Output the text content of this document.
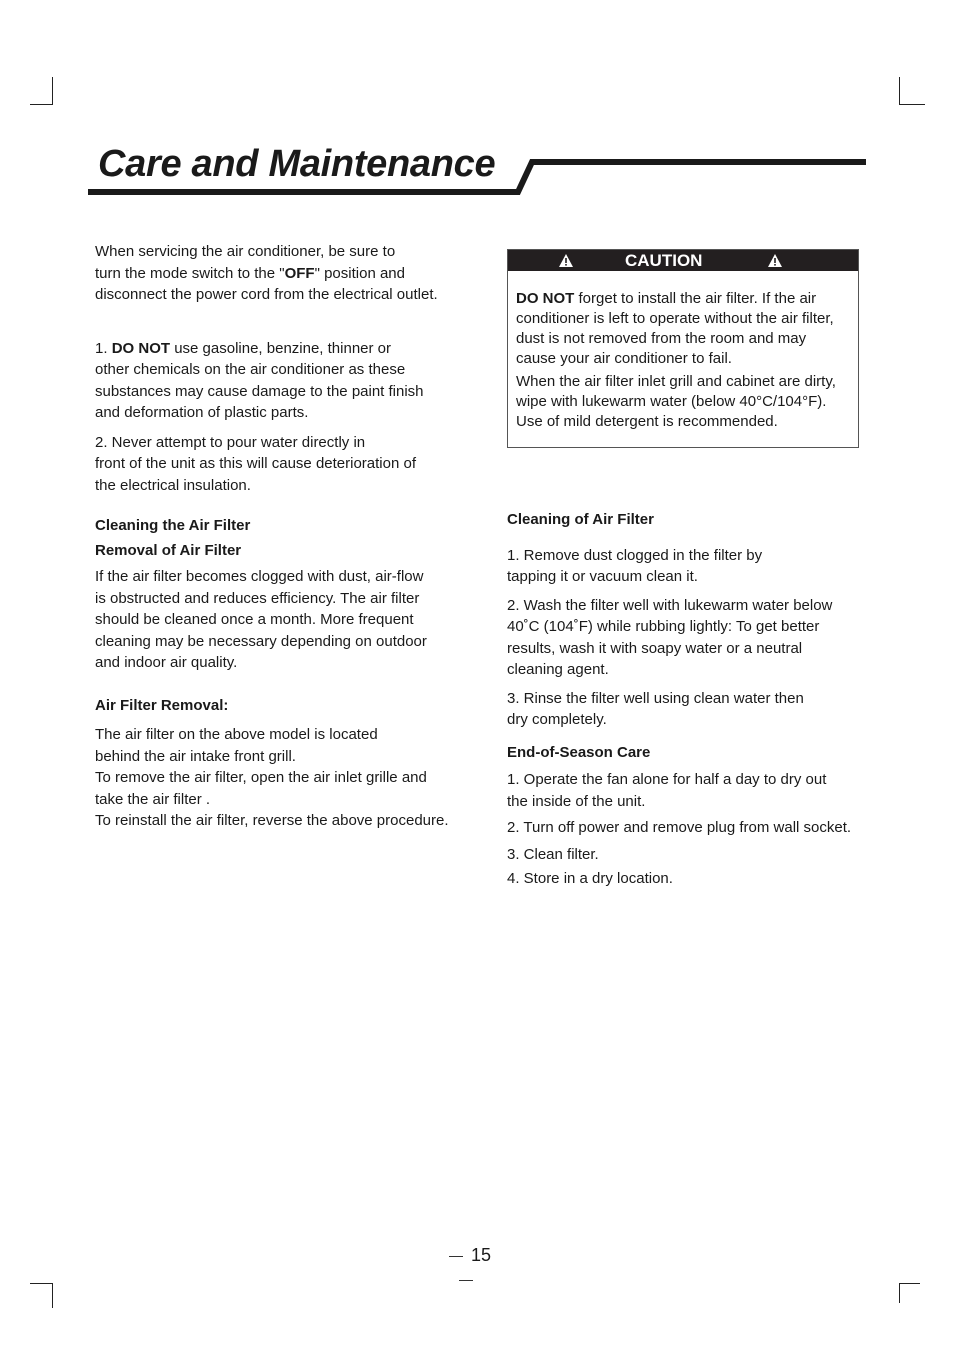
Care and Maintenance

When servicing the air conditioner, be sure to
turn the mode switch to the "OFF" position and
disconnect the power cord from the electrical outlet.

1. DO NOT use gasoline, benzine, thinner or
other chemicals on the air conditioner as these
substances may cause damage to the paint finish
and deformation of plastic parts.

2. Never attempt to pour water directly in
front of the unit as this will cause deterioration of
the electrical insulation.

Cleaning the Air Filter

Removal of Air Filter

If the air filter becomes clogged with dust, air-flow
is obstructed and reduces efficiency. The air filter
should be cleaned once a month. More frequent
cleaning may be necessary depending on outdoor
and indoor air quality.

Air Filter Removal:

The air filter on the above model is located
behind the air intake front grill.
To remove the air filter, open the air inlet grille and
take the air filter .
To reinstall the air filter, reverse the above procedure.

CAUTION

DO NOT forget to install the air filter. If the air
conditioner is left to operate without the air filter,
dust is not removed from the room and may
cause your air conditioner to fail.

When the air filter inlet grill and cabinet are dirty,
wipe with lukewarm water (below 40°C/104°F).
Use of mild detergent is recommended.

Cleaning of Air Filter

1. Remove dust clogged in the filter by
tapping it or vacuum clean it.

2. Wash the filter well with lukewarm water below
40˚C (104˚F) while rubbing lightly: To get better
results, wash it with soapy water or a neutral
cleaning agent.

3. Rinse the filter well using clean water then
dry completely.

End-of-Season Care

1. Operate the fan alone for half a day to dry out
the inside of the unit.

2. Turn off power and remove plug from wall socket.

3. Clean filter.

4. Store in a dry location.

15
